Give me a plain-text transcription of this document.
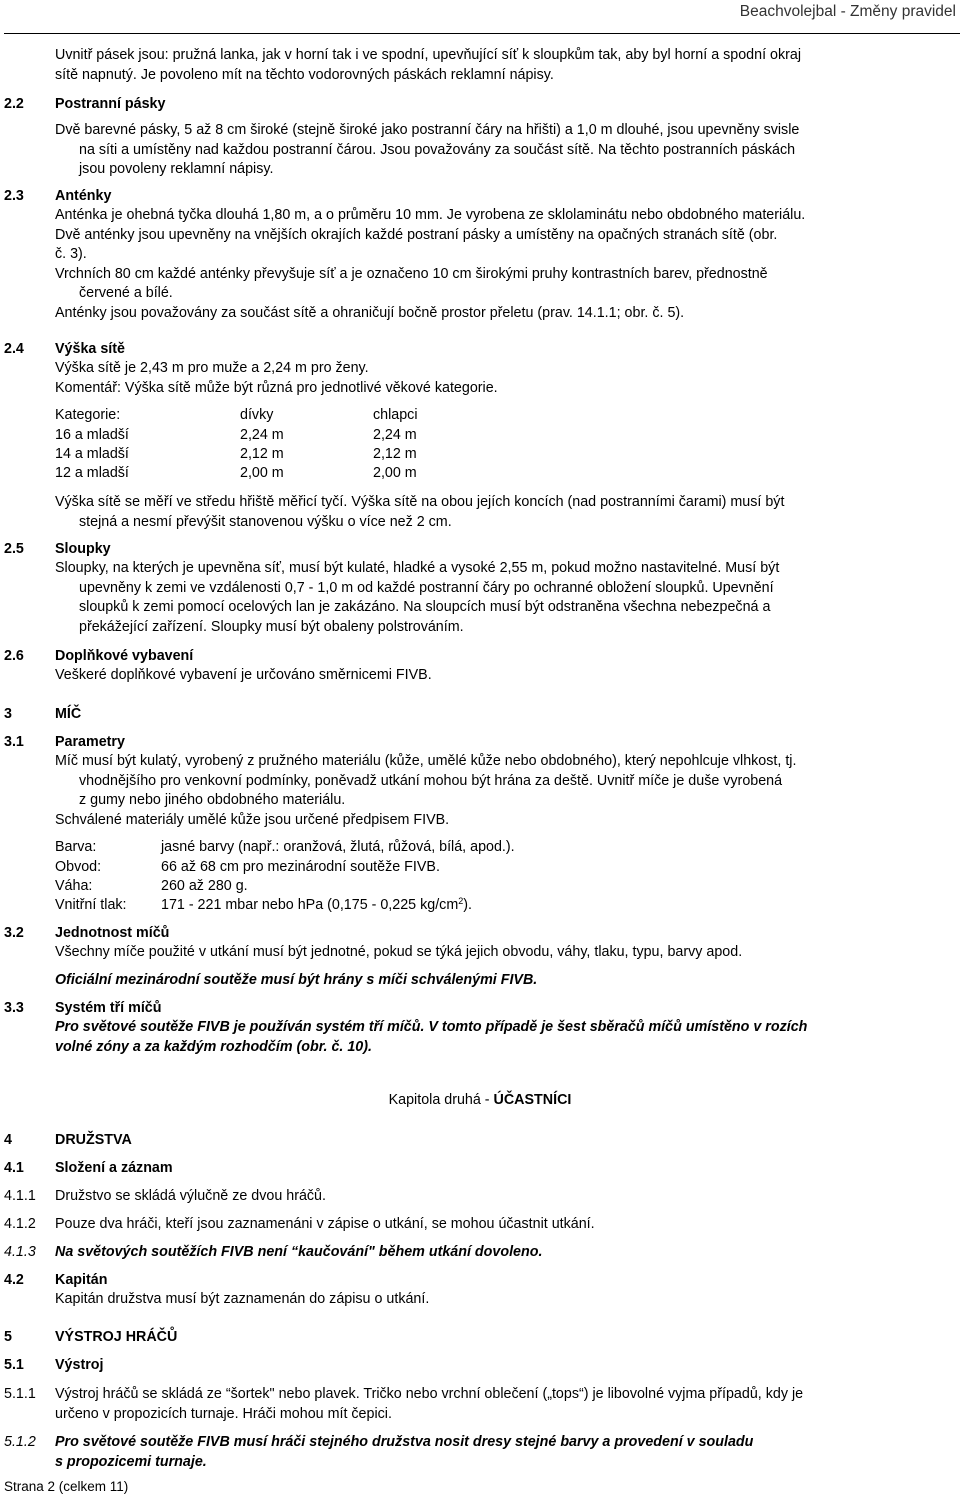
Beachvolejbal - Změny pravidel
Uvnitř pásek jsou: pružná lanka, jak v horní tak i ve spodní, upevňující síť k sloupkům tak, aby byl horní a spodní okraj
sítě napnutý. Je povoleno mít na těchto vodorovných páskách reklamní nápisy.
2.2 Postranní pásky
Dvě barevné pásky, 5 až 8 cm široké (stejně široké jako postranní čáry na hřišti) a 1,0 m dlouhé, jsou upevněny svisle
na síti a umístěny nad každou postranní čárou. Jsou považovány za součást sítě. Na těchto postranních páskách
jsou povoleny reklamní nápisy.
2.3 Anténky
Anténka je ohebná tyčka dlouhá 1,80 m, a o průměru 10 mm. Je vyrobena ze sklolaminátu nebo obdobného materiálu.
Dvě anténky jsou upevněny na vnějších okrajích každé postraní pásky a umístěny na opačných stranách sítě (obr.
č. 3).
Vrchních 80 cm každé anténky převyšuje síť a je označeno 10 cm širokými pruhy kontrastních barev, přednostně
červené a bílé.
Anténky jsou považovány za součást sítě a ohraničují bočně prostor přeletu (prav. 14.1.1; obr. č. 5).
2.4 Výška sítě
Výška sítě je 2,43 m pro muže a 2,24 m pro ženy.
Komentář: Výška sítě může být různá pro jednotlivé věkové kategorie.
Kategorie:	dívky	chlapci
16 a mladší	2,24 m	2,24 m
14 a mladší	2,12 m	2,12 m
12 a mladší	2,00 m	2,00 m
Výška sítě se měří ve středu hřiště měřicí tyčí. Výška sítě na obou jejích koncích (nad postranními čarami) musí být
stejná a nesmí převýšit stanovenou výšku o více než 2 cm.
2.5 Sloupky
Sloupky, na kterých je upevněna síť, musí být kulaté, hladké a vysoké 2,55 m, pokud možno nastavitelné. Musí být
upevněny k zemi ve vzdálenosti 0,7 - 1,0 m od každé postranní čáry po ochranné obložení sloupků. Upevnění
sloupků k zemi pomocí ocelových lan je zakázáno. Na sloupcích musí být odstraněna všechna nebezpečná a
překážející zařízení. Sloupky musí být obaleny polstrováním.
2.6 Doplňkové vybavení
Veškeré doplňkové vybavení je určováno směrnicemi FIVB.
3	MÍČ
3.1 Parametry
Míč musí být kulatý, vyrobený z pružného materiálu (kůže, umělé kůže nebo obdobného), který nepohlcuje vlhkost, tj.
vhodnějšího pro venkovní podmínky, poněvadž utkání mohou být hrána za deště. Uvnitř míče je duše vyrobená
z gumy nebo jiného obdobného materiálu.
Schválené materiály umělé kůže jsou určené předpisem FIVB.
Barva:	jasné barvy (např.: oranžová, žlutá, růžová, bílá, apod.).
Obvod:	66 až 68 cm pro mezinárodní soutěže FIVB.
Váha:	260 až 280 g.
Vnitřní tlak: 171 - 221 mbar nebo hPa (0,175 - 0,225 $kg/cm^2$).
3.2 Jednotnost míčů
Všechny míče použité v utkání musí být jednotné, pokud se týká jejich obvodu, váhy, tlaku, typu, barvy apod.
Oficiální mezinárodní soutěže musí být hrány s míči schválenými FIVB.
3.3 Systém tří míčů
Pro světové soutěže FIVB je používán systém tří míčů. V tomto případě je šest sběračů míčů umístěno v rozích
volné zóny a za každým rozhodčím (obr. č. 10).
Kapitola druhá - ÚČASTNÍCI
4	DRUŽSTVA
4.1 Složení a záznam
4.1.1 Družstvo se skládá výlučně ze dvou hráčů.
4.1.2 Pouze dva hráči, kteří jsou zaznamenáni v zápise o utkání, se mohou účastnit utkání.
4.1.3 Na světových soutěžích FIVB není “kaučování" během utkání dovoleno.
4.2 Kapitán
Kapitán družstva musí být zaznamenán do zápisu o utkání.
5	VÝSTROJ HRÁČŮ
5.1 Výstroj
5.1.1 Výstroj hráčů se skládá ze “šortek" nebo plavek. Tričko nebo vrchní oblečení („tops“) je libovolné vyjma případů, kdy je
určeno v propozicích turnaje. Hráči mohou mít čepici.
5.1.2 Pro světové soutěže FIVB musí hráči stejného družstva nosit dresy stejné barvy a provedení v souladu
s propozicemi turnaje.
Strana 2 (celkem 11)
